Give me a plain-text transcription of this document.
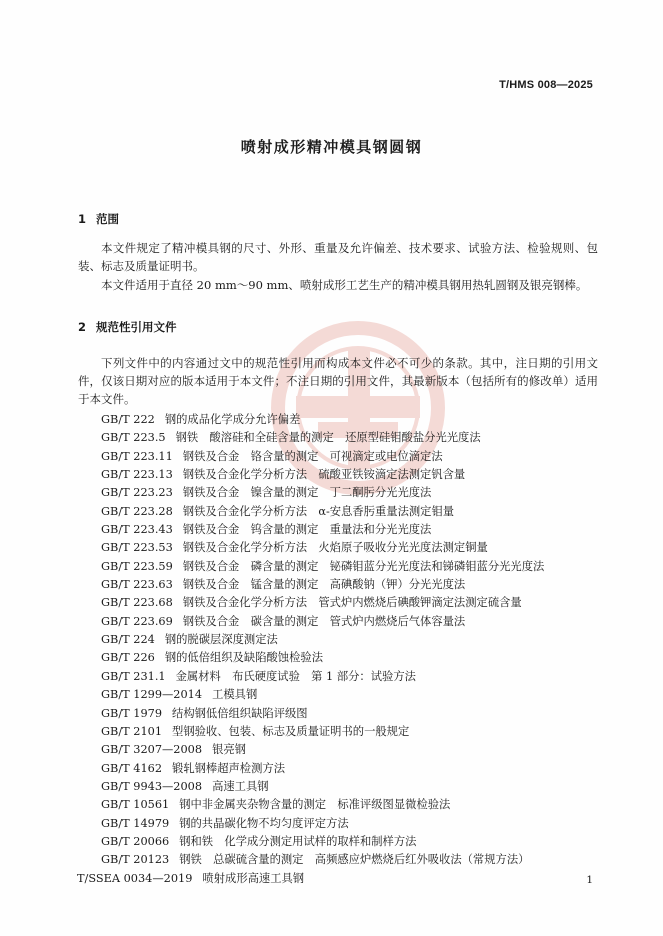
T/HMS 008—2025
喷射成形精冲模具钢圆钢
1 范围
本文件规定了精冲模具钢的尺寸、外形、重量及允许偏差、技术要求、试验方法、检验规则、包装、标志及质量证明书。
本文件适用于直径 20 mm～90 mm、喷射成形工艺生产的精冲模具钢用热轧圆钢及银亮钢棒。
2 规范性引用文件
下列文件中的内容通过文中的规范性引用而构成本文件必不可少的条款。其中，注日期的引用文件，仅该日期对应的版本适用于本文件；不注日期的引用文件，其最新版本（包括所有的修改单）适用于本文件。
GB/T 222 钢的成品化学成分允许偏差
GB/T 223.5 钢铁　酸溶硅和全硅含量的测定　还原型硅钼酸盐分光光度法
GB/T 223.11 钢铁及合金　铬含量的测定　可视滴定或电位滴定法
GB/T 223.13 钢铁及合金化学分析方法　硫酸亚铁铵滴定法测定钒含量
GB/T 223.23 钢铁及合金　镍含量的测定　丁二酮肟分光光度法
GB/T 223.28 钢铁及合金化学分析方法　α-安息香肟重量法测定钼量
GB/T 223.43 钢铁及合金　钨含量的测定　重量法和分光光度法
GB/T 223.53 钢铁及合金化学分析方法　火焰原子吸收分光光度法测定铜量
GB/T 223.59 钢铁及合金　磷含量的测定　铋磷钼蓝分光光度法和锑磷钼蓝分光光度法
GB/T 223.63 钢铁及合金　锰含量的测定　高碘酸钠（钾）分光光度法
GB/T 223.68 钢铁及合金化学分析方法　管式炉内燃烧后碘酸钾滴定法测定硫含量
GB/T 223.69 钢铁及合金　碳含量的测定　管式炉内燃烧后气体容量法
GB/T 224 钢的脱碳层深度测定法
GB/T 226 钢的低倍组织及缺陷酸蚀检验法
GB/T 231.1 金属材料　布氏硬度试验　第 1 部分：试验方法
GB/T 1299—2014 工模具钢
GB/T 1979 结构钢低倍组织缺陷评级图
GB/T 2101 型钢验收、包装、标志及质量证明书的一般规定
GB/T 3207—2008 银亮钢
GB/T 4162 锻轧钢棒超声检测方法
GB/T 9943—2008 高速工具钢
GB/T 10561 钢中非金属夹杂物含量的测定　标准评级图显微检验法
GB/T 14979 钢的共晶碳化物不均匀度评定方法
GB/T 20066 钢和铁　化学成分测定用试样的取样和制样方法
GB/T 20123 钢铁　总碳硫含量的测定　高频感应炉燃烧后红外吸收法（常规方法）
T/SSEA 0034—2019 喷射成形高速工具钢	1
